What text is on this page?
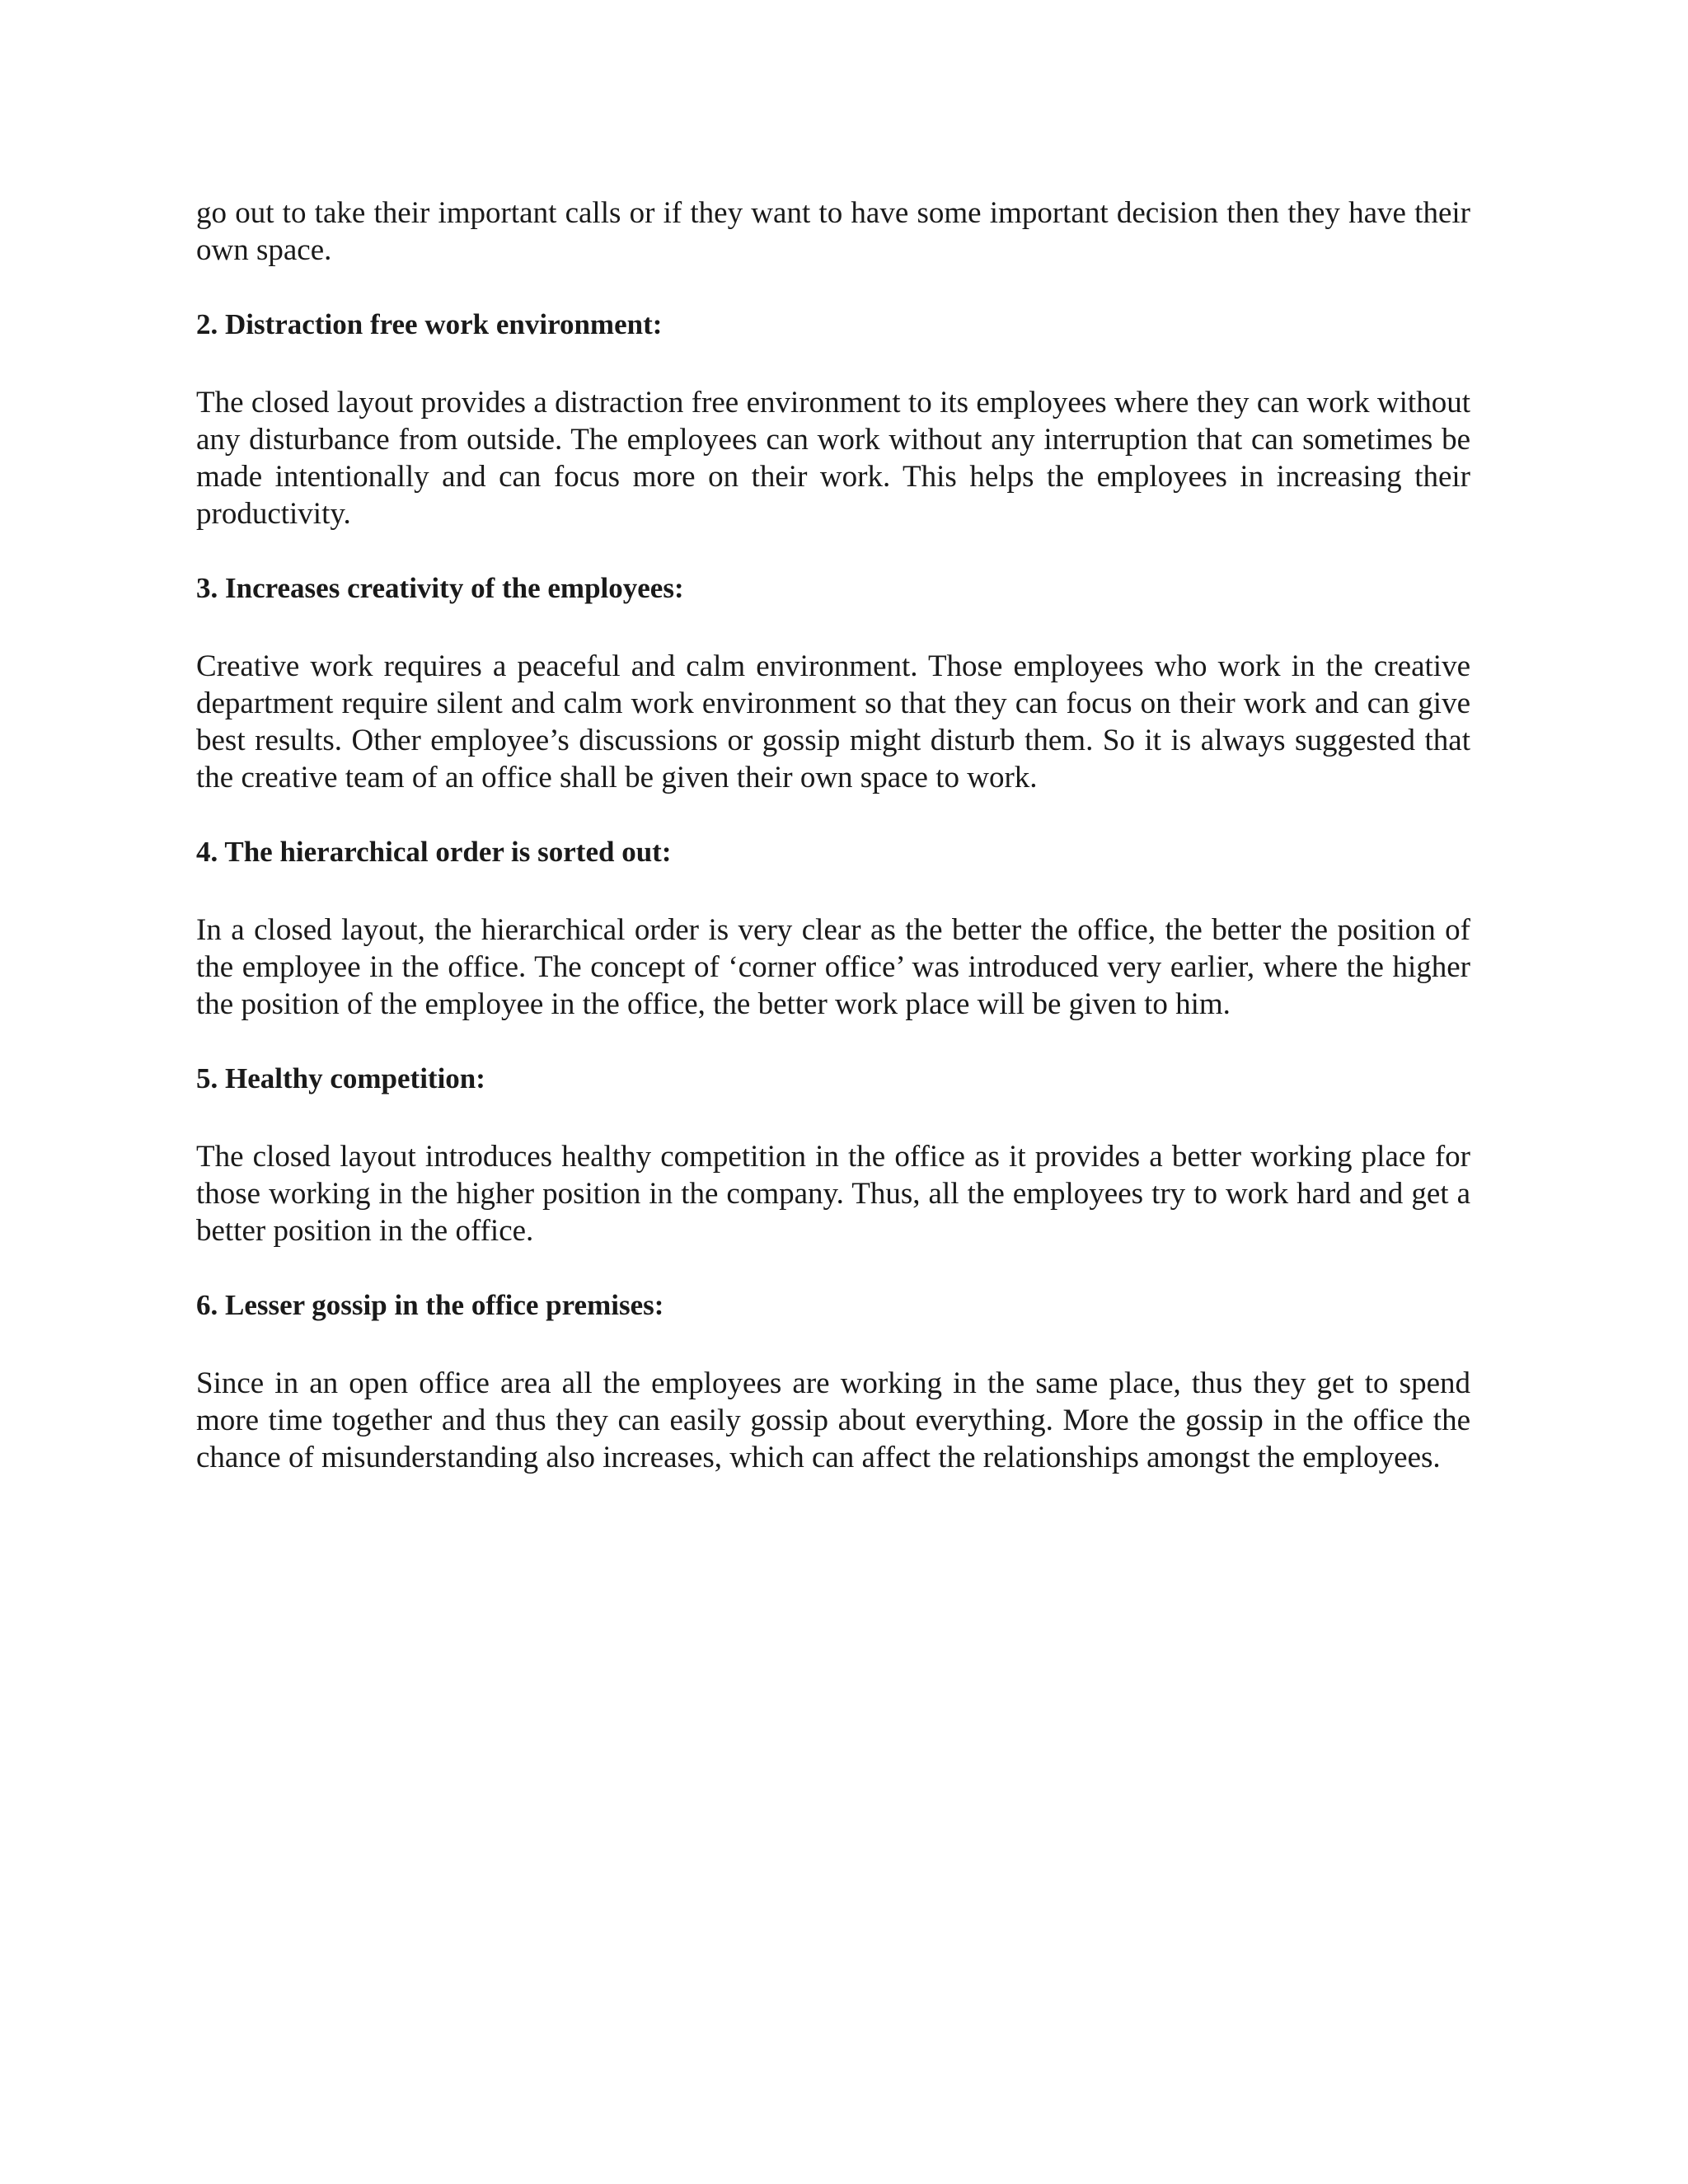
go out to take their important calls or if they want to have some important decision then they have their own space.

2. Distraction free work environment:

The closed layout provides a distraction free environment to its employees where they can work without any disturbance from outside. The employees can work without any interruption that can sometimes be made intentionally and can focus more on their work. This helps the employees in increasing their productivity.

3. Increases creativity of the employees:

Creative work requires a peaceful and calm environment. Those employees who work in the creative department require silent and calm work environment so that they can focus on their work and can give best results. Other employee’s discussions or gossip might disturb them. So it is always suggested that the creative team of an office shall be given their own space to work.

4. The hierarchical order is sorted out:

In a closed layout, the hierarchical order is very clear as the better the office, the better the position of the employee in the office. The concept of ‘corner office’ was introduced very earlier, where the higher the position of the employee in the office, the better work place will be given to him.

5. Healthy competition:

The closed layout introduces healthy competition in the office as it provides a better working place for those working in the higher position in the company. Thus, all the employees try to work hard and get a better position in the office.

6. Lesser gossip in the office premises:

Since in an open office area all the employees are working in the same place, thus they get to spend more time together and thus they can easily gossip about everything. More the gossip in the office the chance of misunderstanding also increases, which can affect the relationships amongst the employees.
